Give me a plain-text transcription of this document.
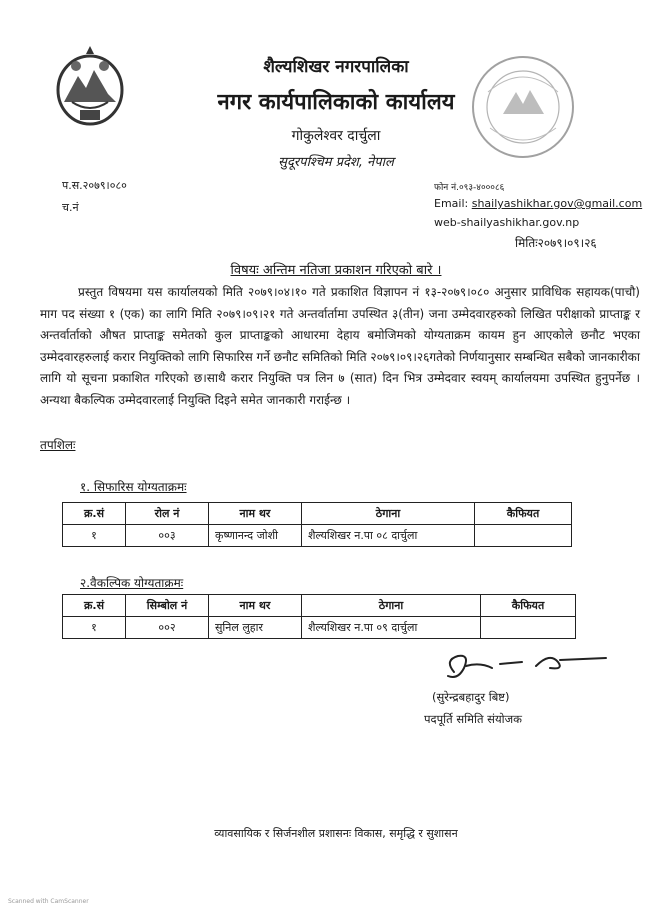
शैल्यशिखर नगरपालिका
नगर कार्यपालिकाको कार्यालय
गोकुलेश्वर दार्चुला
सुदूरपश्चिम प्रदेश, नेपाल
प.स.२०७९।०८०
च.नं
फोन नं.०९३-४०००८६
Email: shailyashikhar.gov@gmail.com
web-shailyashikhar.gov.np
मितिः२०७९।०९।२६
विषयः अन्तिम नतिजा प्रकाशन गरिएको बारे ।

प्रस्तुत विषयमा यस कार्यालयको मिति २०७९।०४।१० गते प्रकाशित विज्ञापन नं १३-२०७९।०८० अनुसार प्राविधिक सहायक(पाचौ) माग पद संख्या १ (एक) का लागि मिति २०७९।०९।२१ गते अन्तर्वार्तामा उपस्थित ३(तीन) जना उम्मेदवारहरुको लिखित परीक्षाको प्राप्ताङ्क र अन्तर्वार्ताको औषत प्राप्ताङ्क समेतको कुल प्राप्ताङ्कको आधारमा देहाय बमोजिमको योग्यताक्रम कायम हुन आएकोले छनौट भएका उम्मेदवारहरुलाई करार नियुक्तिको लागि सिफारिस गर्ने छनौट समितिको मिति २०७९।०९।२६गतेको निर्णयानुसार सम्बन्धित सबैको जानकारीका लागि यो सूचना प्रकाशित गरिएको छ।साथै करार नियुक्ति पत्र लिन ७ (सात) दिन भित्र उम्मेदवार स्वयम् कार्यालयमा उपस्थित हुनुपर्नेछ ।अन्यथा बैकल्पिक उम्मेदवारलाई नियुक्ति दिइने समेत जानकारी गराईन्छ ।

तपशिलः
१. सिफारिस योग्यताक्रमः
क्र.सं	रोल नं	नाम थर	ठेगाना	कैफियत
१	००३	कृष्णानन्द जोशी	शैल्यशिखर न.पा ०८ दार्चुला	
२.वैकल्पिक योग्यताक्रमः
क्र.सं	सिम्बोल नं	नाम थर	ठेगाना	कैफियत
१	००२	सुनिल लुहार	शैल्यशिखर न.पा ०९ दार्चुला	
(सुरेन्द्रबहादुर बिष्ट)
पदपूर्ति समिति संयोजक
व्यावसायिक र सिर्जनशील प्रशासनः विकास, समृद्धि र सुशासन
Scanned with CamScanner
